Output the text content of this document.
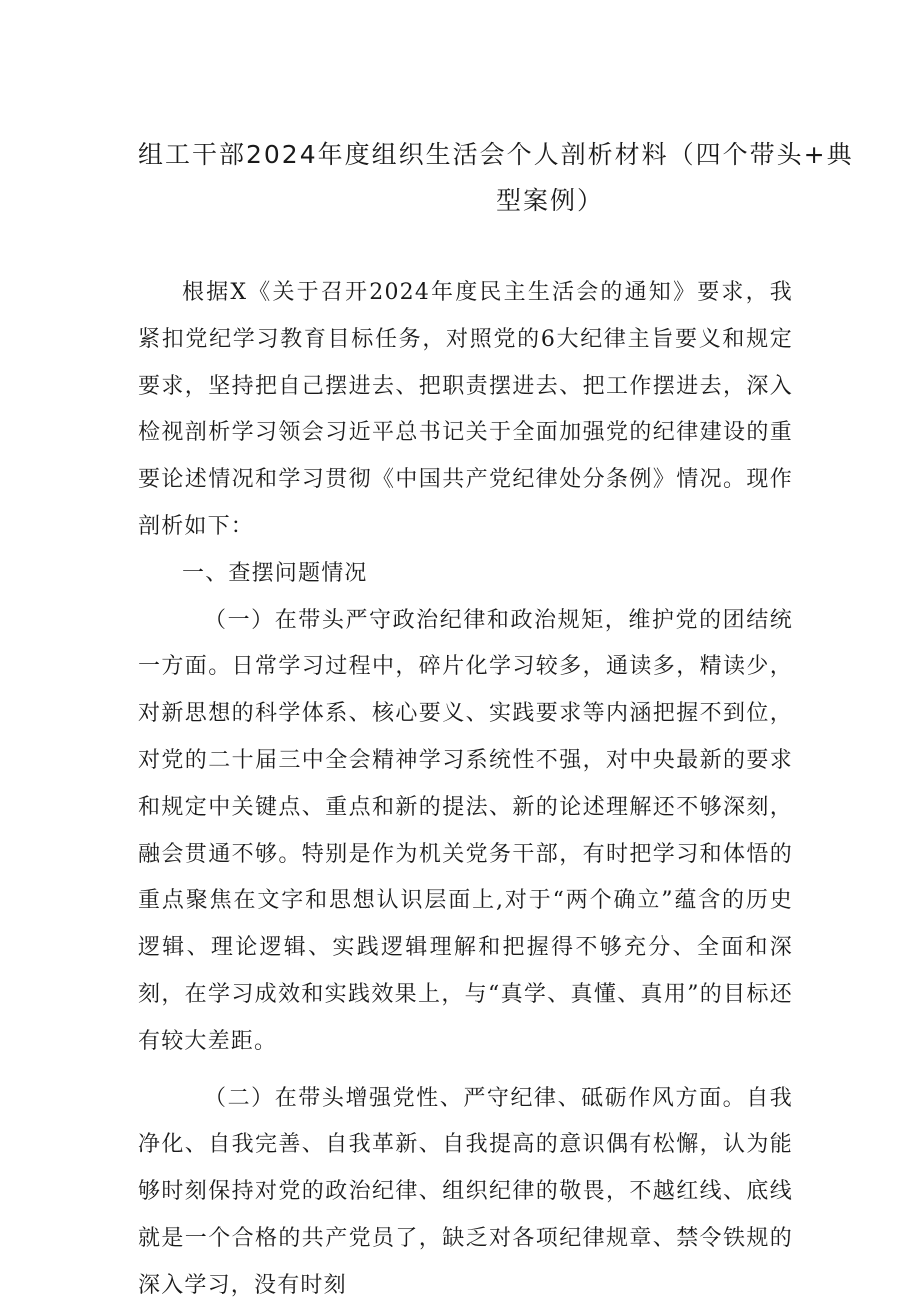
组工干部2024年度组织生活会个人剖析材料（四个带头+典
型案例）

根据X《关于召开2024年度民主生活会的通知》要求，我紧扣党纪学习教育目标任务，对照党的6大纪律主旨要义和规定要求，坚持把自己摆进去、把职责摆进去、把工作摆进去，深入检视剖析学习领会习近平总书记关于全面加强党的纪律建设的重要论述情况和学习贯彻《中国共产党纪律处分条例》情况。现作剖析如下：

一、查摆问题情况

（一）在带头严守政治纪律和政治规矩，维护党的团结统一方面。日常学习过程中，碎片化学习较多，通读多，精读少，对新思想的科学体系、核心要义、实践要求等内涵把握不到位，对党的二十届三中全会精神学习系统性不强，对中央最新的要求和规定中关键点、重点和新的提法、新的论述理解还不够深刻，融会贯通不够。特别是作为机关党务干部，有时把学习和体悟的重点聚焦在文字和思想认识层面上,对于“两个确立”蕴含的历史逻辑、理论逻辑、实践逻辑理解和把握得不够充分、全面和深刻，在学习成效和实践效果上，与“真学、真懂、真用”的目标还有较大差距。

（二）在带头增强党性、严守纪律、砥砺作风方面。自我净化、自我完善、自我革新、自我提高的意识偶有松懈，认为能够时刻保持对党的政治纪律、组织纪律的敬畏，不越红线、底线就是一个合格的共产党员了，缺乏对各项纪律规章、禁令铁规的深入学习，没有时刻
